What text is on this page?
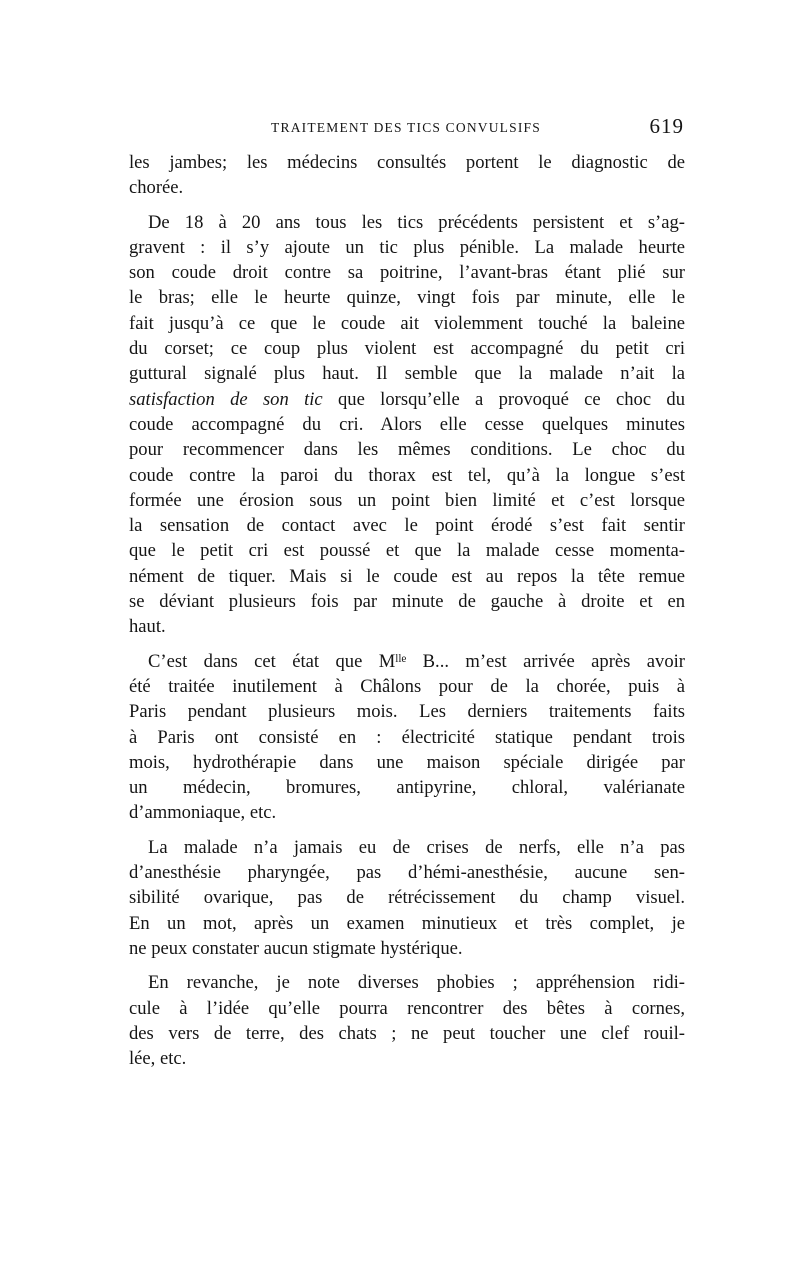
TRAITEMENT DES TICS CONVULSIFS	619

les jambes; les médecins consultés portent le diagnostic de
chorée.

De 18 à 20 ans tous les tics précédents persistent et s’ag-
gravent : il s’y ajoute un tic plus pénible. La malade heurte
son coude droit contre sa poitrine, l’avant-bras étant plié sur
le bras; elle le heurte quinze, vingt fois par minute, elle le
fait jusqu’à ce que le coude ait violemment touché la baleine
du corset; ce coup plus violent est accompagné du petit cri
guttural signalé plus haut. Il semble que la malade n’ait la
satisfaction de son tic que lorsqu’elle a provoqué ce choc du
coude accompagné du cri. Alors elle cesse quelques minutes
pour recommencer dans les mêmes conditions. Le choc du
coude contre la paroi du thorax est tel, qu’à la longue s’est
formée une érosion sous un point bien limité et c’est lorsque
la sensation de contact avec le point érodé s’est fait sentir
que le petit cri est poussé et que la malade cesse momenta-
nément de tiquer. Mais si le coude est au repos la tête remue
se déviant plusieurs fois par minute de gauche à droite et en
haut.

C’est dans cet état que Mˡˡᵉ B... m’est arrivée après avoir
été traitée inutilement à Châlons pour de la chorée, puis à
Paris pendant plusieurs mois. Les derniers traitements faits
à Paris ont consisté en : électricité statique pendant trois
mois, hydrothérapie dans une maison spéciale dirigée par
un médecin, bromures, antipyrine, chloral, valérianate
d’ammoniaque, etc.

La malade n’a jamais eu de crises de nerfs, elle n’a pas
d’anesthésie pharyngée, pas d’hémi-anesthésie, aucune sen-
sibilité ovarique, pas de rétrécissement du champ visuel.
En un mot, après un examen minutieux et très complet, je
ne peux constater aucun stigmate hystérique.

En revanche, je note diverses phobies ; appréhension ridi-
cule à l’idée qu’elle pourra rencontrer des bêtes à cornes,
des vers de terre, des chats ; ne peut toucher une clef rouil-
lée, etc.
